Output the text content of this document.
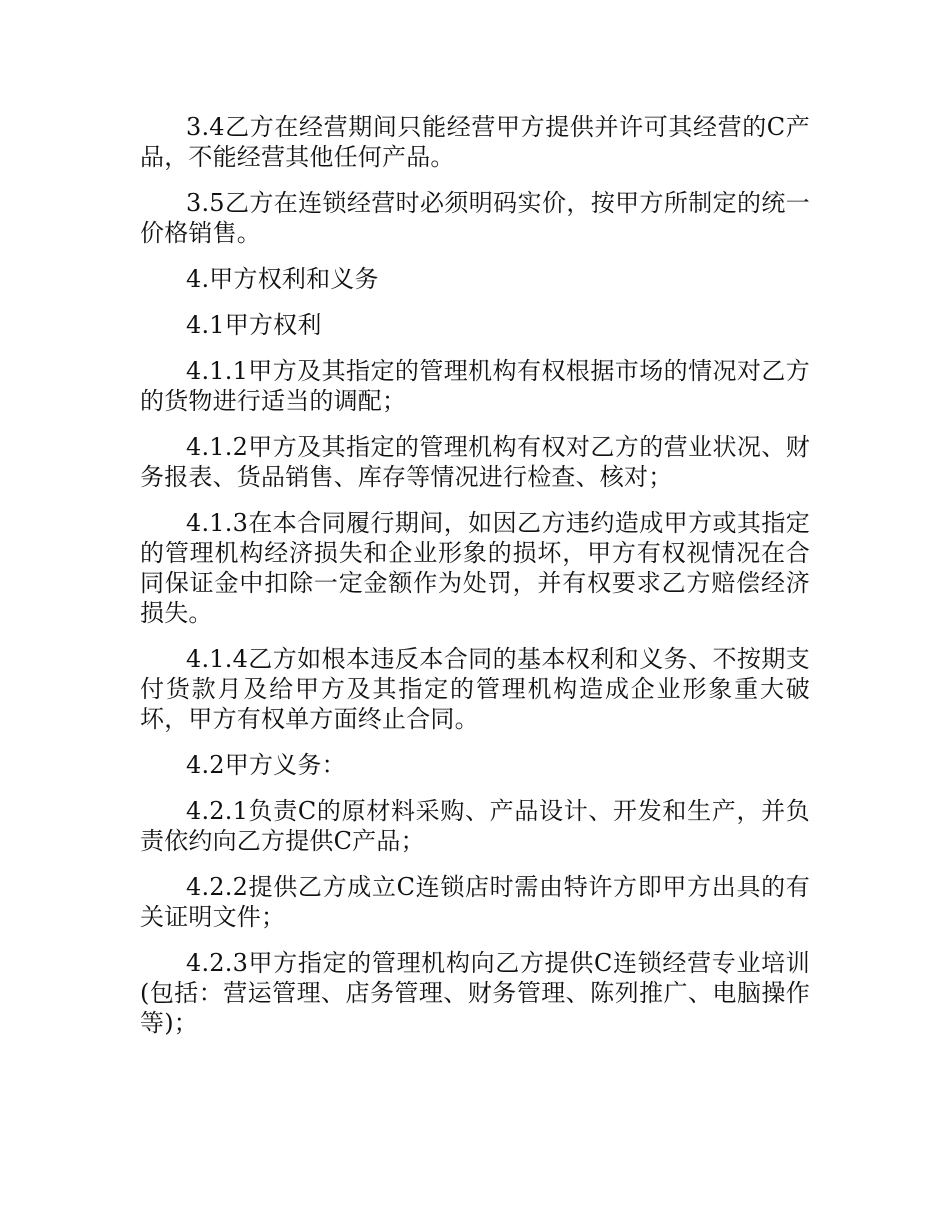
3.4乙方在经营期间只能经营甲方提供并许可其经营的C产品，不能经营其他任何产品。

3.5乙方在连锁经营时必须明码实价，按甲方所制定的统一价格销售。

4.甲方权利和义务

4.1甲方权利

4.1.1甲方及其指定的管理机构有权根据市场的情况对乙方的货物进行适当的调配；

4.1.2甲方及其指定的管理机构有权对乙方的营业状况、财务报表、货品销售、库存等情况进行检查、核对；

4.1.3在本合同履行期间，如因乙方违约造成甲方或其指定的管理机构经济损失和企业形象的损坏，甲方有权视情况在合同保证金中扣除一定金额作为处罚，并有权要求乙方赔偿经济损失。

4.1.4乙方如根本违反本合同的基本权利和义务、不按期支付货款月及给甲方及其指定的管理机构造成企业形象重大破坏，甲方有权单方面终止合同。

4.2甲方义务：

4.2.1负责C的原材料采购、产品设计、开发和生产，并负责依约向乙方提供C产品；

4.2.2提供乙方成立C连锁店时需由特许方即甲方出具的有关证明文件；

4.2.3甲方指定的管理机构向乙方提供C连锁经营专业培训(包括：营运管理、店务管理、财务管理、陈列推广、电脑操作等)；
